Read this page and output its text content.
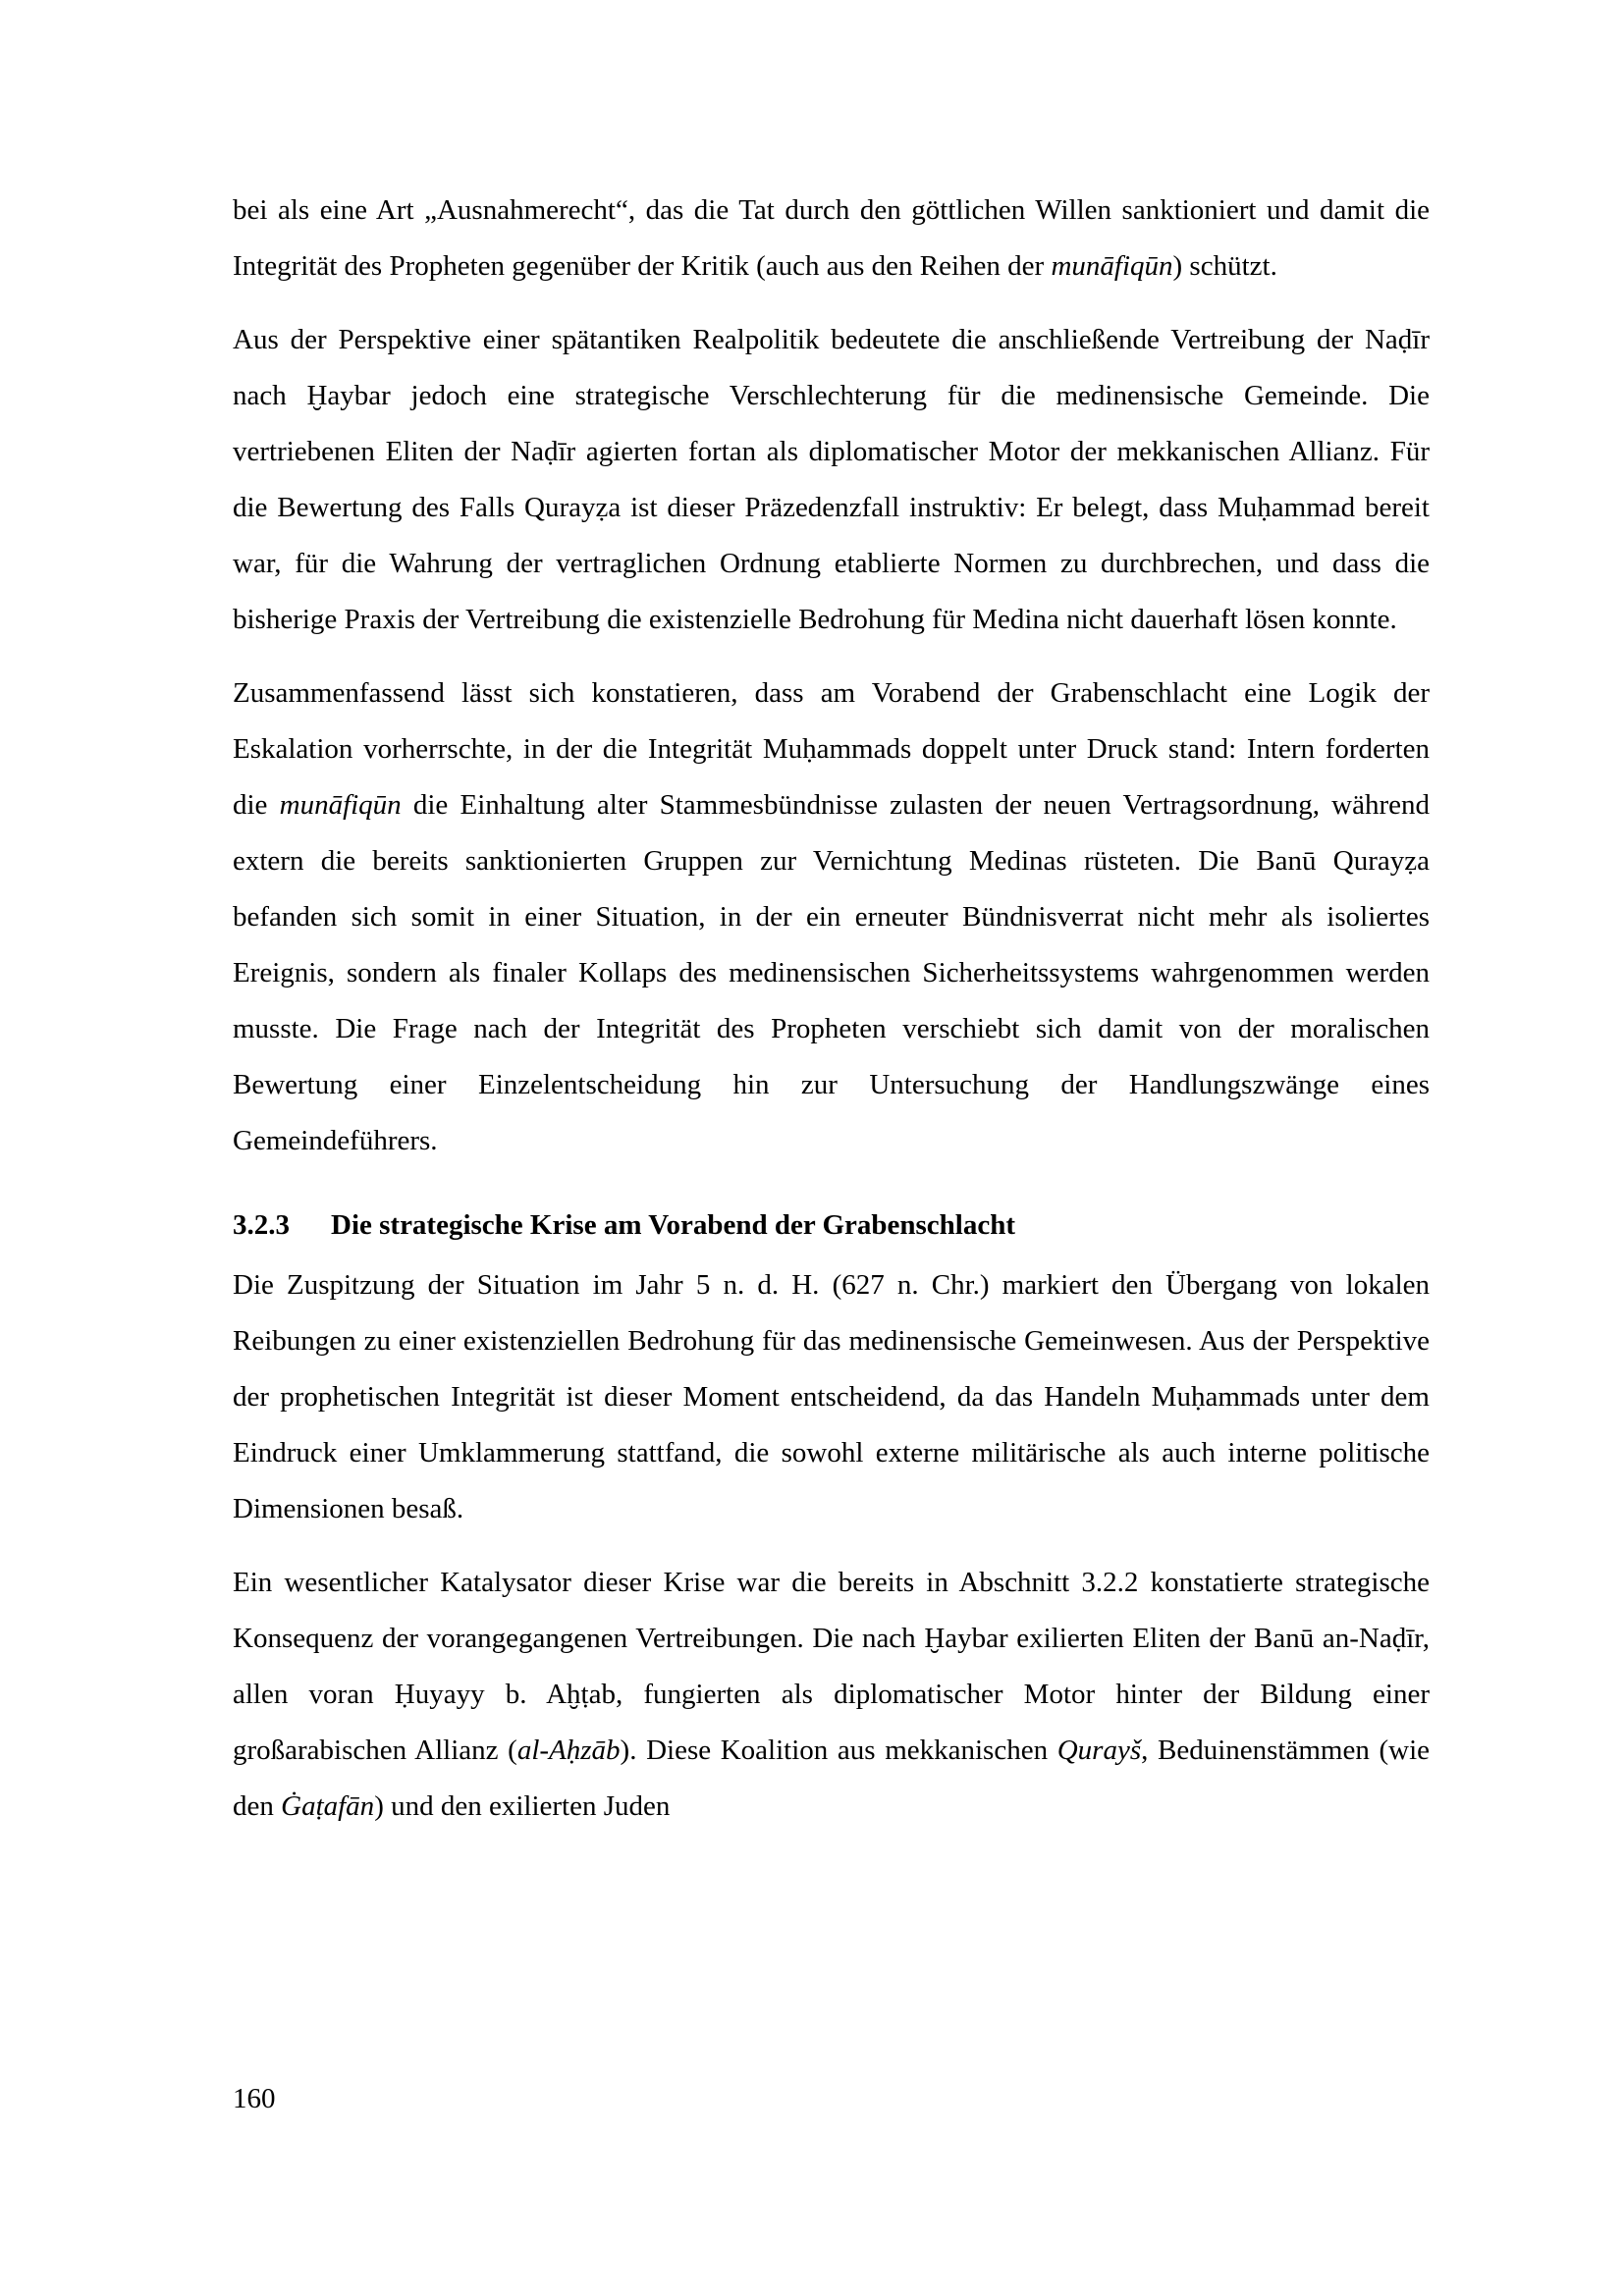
bei als eine Art „Ausnahmerecht“, das die Tat durch den göttlichen Willen sanktioniert und damit die Integrität des Propheten gegenüber der Kritik (auch aus den Reihen der munāfiqūn) schützt.

Aus der Perspektive einer spätantiken Realpolitik bedeutete die anschließende Vertreibung der Naḍīr nach Ḫaybar jedoch eine strategische Verschlechterung für die medinensische Gemeinde. Die vertriebenen Eliten der Naḍīr agierten fortan als diplomatischer Motor der mekkanischen Allianz. Für die Bewertung des Falls Qurayẓa ist dieser Präzedenzfall instruktiv: Er belegt, dass Muḥammad bereit war, für die Wahrung der vertraglichen Ordnung etablierte Normen zu durchbrechen, und dass die bisherige Praxis der Vertreibung die existenzielle Bedrohung für Medina nicht dauerhaft lösen konnte.

Zusammenfassend lässt sich konstatieren, dass am Vorabend der Grabenschlacht eine Logik der Eskalation vorherrschte, in der die Integrität Muḥammads doppelt unter Druck stand: Intern forderten die munāfiqūn die Einhaltung alter Stammesbündnisse zulasten der neuen Vertragsordnung, während extern die bereits sanktionierten Gruppen zur Vernichtung Medinas rüsteten. Die Banū Qurayẓa befanden sich somit in einer Situation, in der ein erneuter Bündnisverrat nicht mehr als isoliertes Ereignis, sondern als finaler Kollaps des medinensischen Sicherheitssystems wahrgenommen werden musste. Die Frage nach der Integrität des Propheten verschiebt sich damit von der moralischen Bewertung einer Einzelentscheidung hin zur Untersuchung der Handlungszwänge eines Gemeindeführers.

3.2.3 Die strategische Krise am Vorabend der Grabenschlacht

Die Zuspitzung der Situation im Jahr 5 n. d. H. (627 n. Chr.) markiert den Übergang von lokalen Reibungen zu einer existenziellen Bedrohung für das medinensische Gemeinwesen. Aus der Perspektive der prophetischen Integrität ist dieser Moment entscheidend, da das Handeln Muḥammads unter dem Eindruck einer Umklammerung stattfand, die sowohl externe militärische als auch interne politische Dimensionen besaß.

Ein wesentlicher Katalysator dieser Krise war die bereits in Abschnitt 3.2.2 konstatierte strategische Konsequenz der vorangegangenen Vertreibungen. Die nach Ḫaybar exilierten Eliten der Banū an-Naḍīr, allen voran Ḥuyayy b. Aḫṭab, fungierten als diplomatischer Motor hinter der Bildung einer großarabischen Allianz (al-Aḥzāb). Diese Koalition aus mekkanischen Qurayš, Beduinenstämmen (wie den Ġaṭafān) und den exilierten Juden

160
